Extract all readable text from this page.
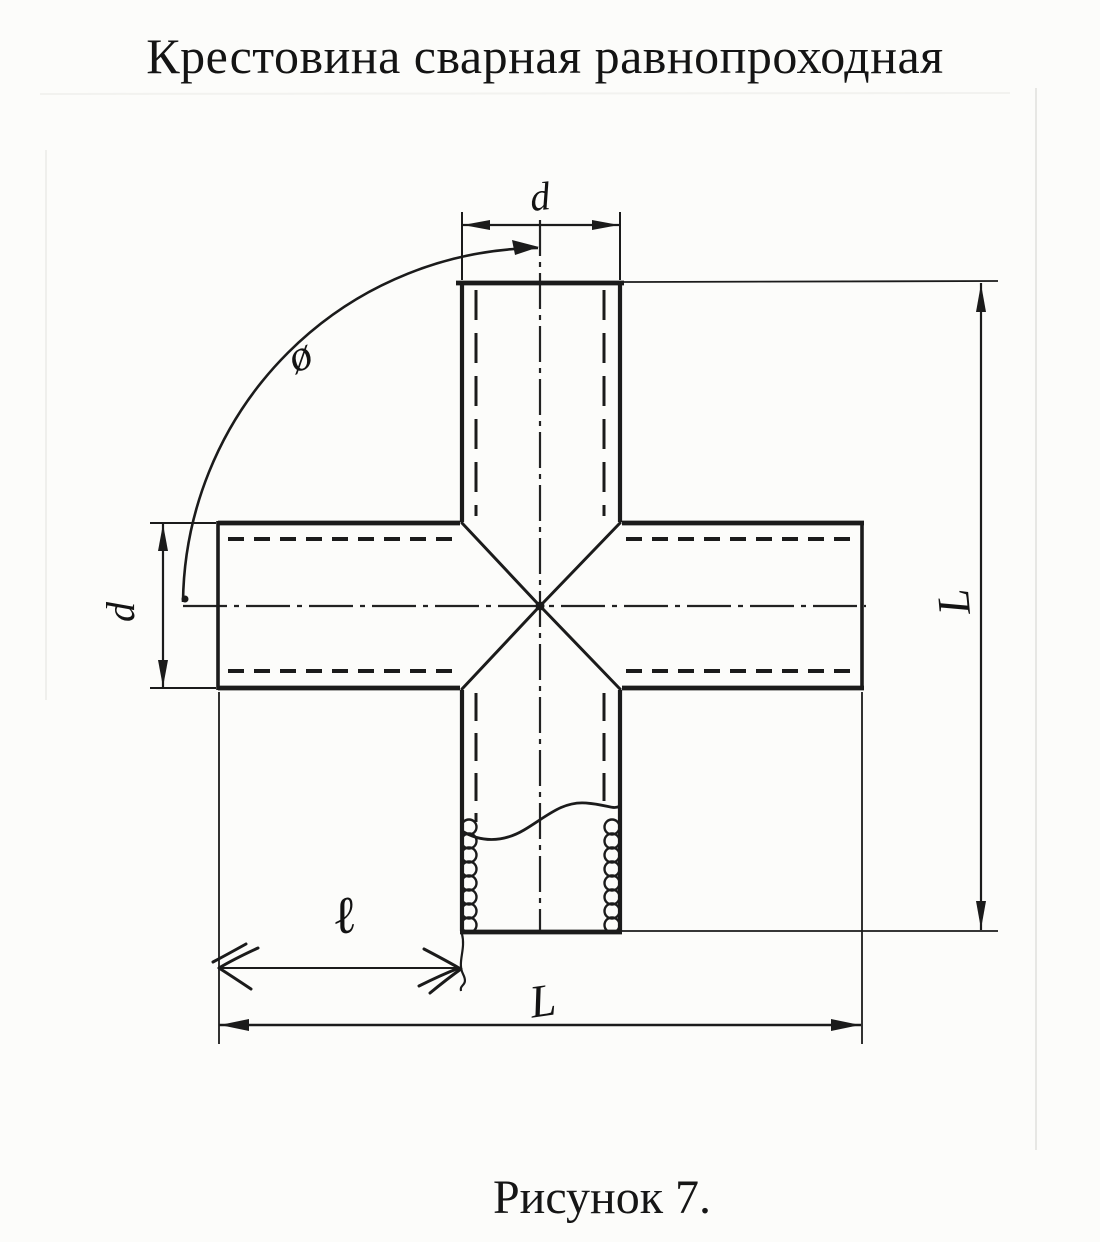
Крестовина сварная равнопроходная
ø
d
d	L
ℓ
L
Рисунок 7.
